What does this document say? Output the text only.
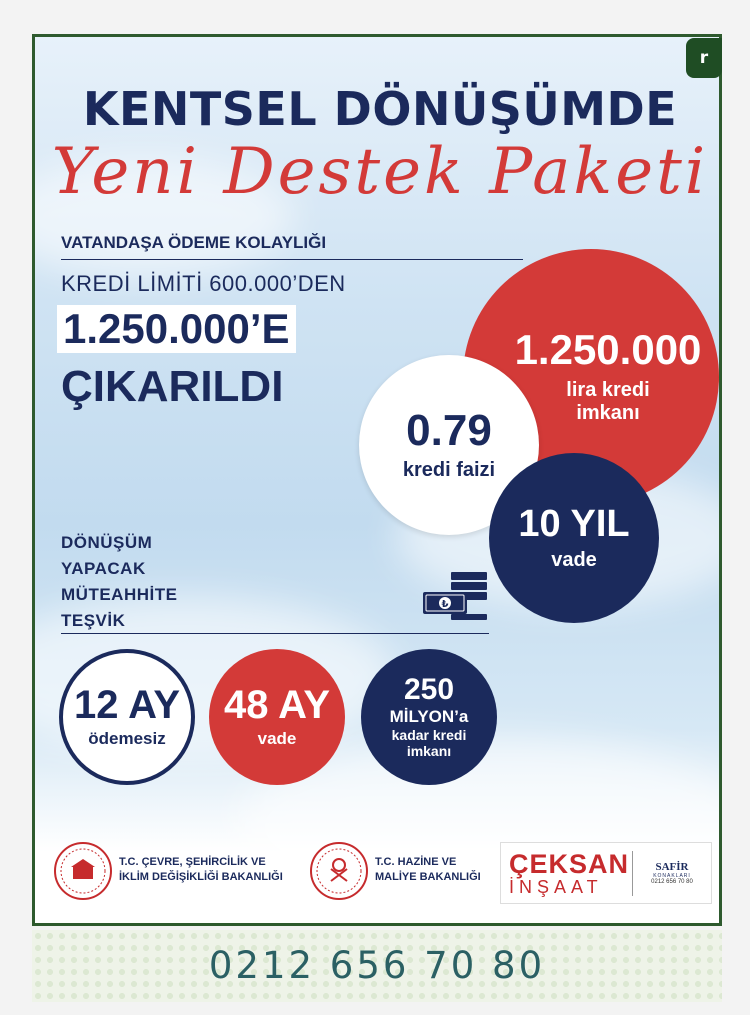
KENTSEL DÖNÜŞÜMDE
Yeni Destek Paketi
VATANDAŞA ÖDEME KOLAYLIĞI
KREDİ LİMİTİ 600.000’DEN
1.250.000’E
ÇIKARILDI
1.250.000
lira kredi
imkanı
0.79
kredi faizi
10 YIL
vade
DÖNÜŞÜM
YAPACAK
MÜTEAHHİTE
TEŞVİK
₺
12 AY
ödemesiz
48 AY
vade
250
MİLYON’a
kadar kredi
imkanı
T.C. ÇEVRE, ŞEHİRCİLİK VE
İKLİM DEĞİŞİKLİĞİ BAKANLIĞI
T.C. HAZİNE VE
MALİYE BAKANLIĞI ÇEKSAN
İNŞAAT
SAFİR
KONAKLARI
0212 656 70 80
r
0212 656 70 80
